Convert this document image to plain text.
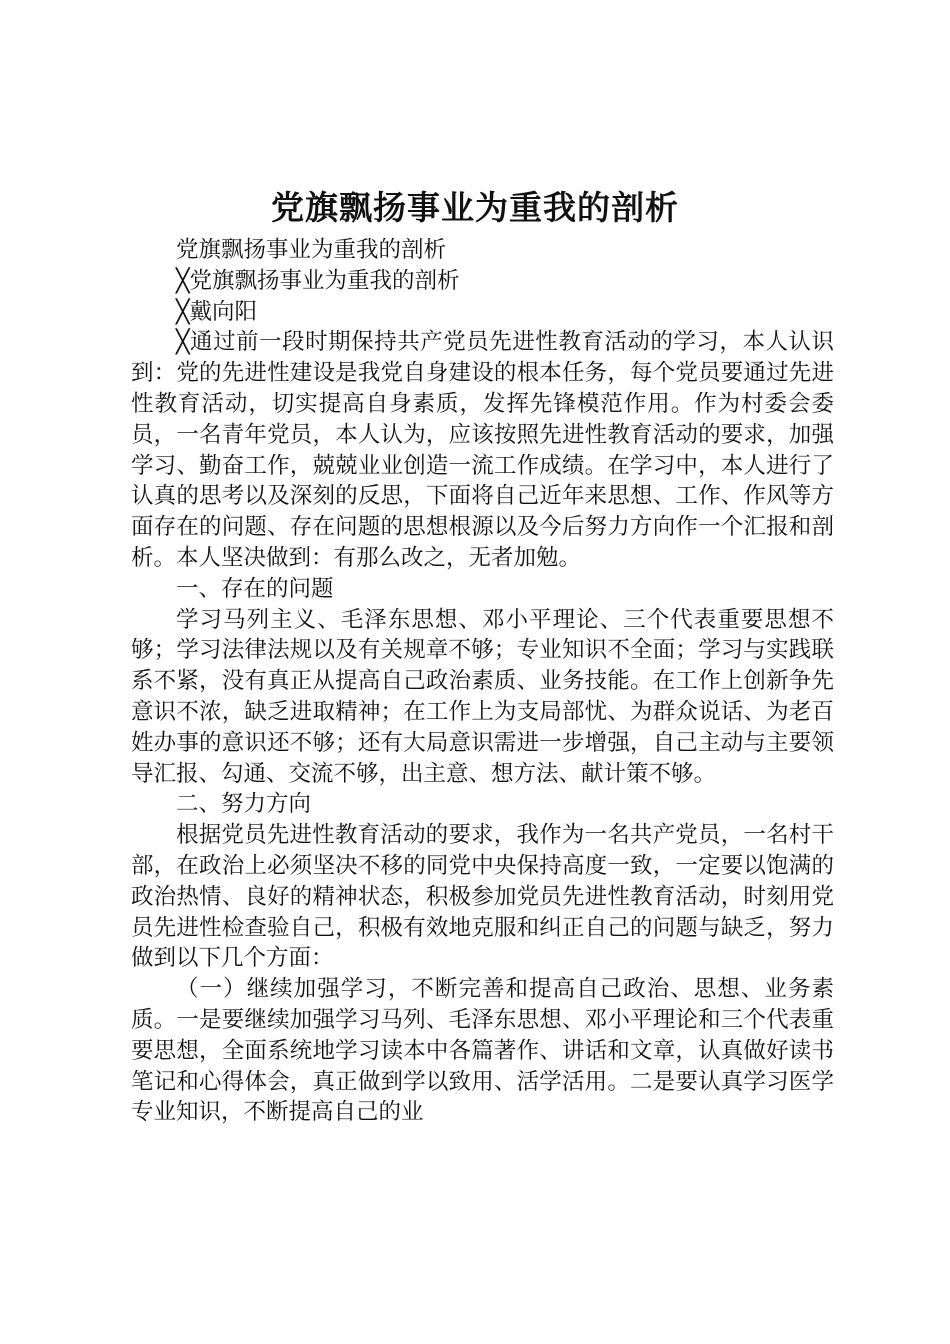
党旗飘扬事业为重我的剖析

党旗飘扬事业为重我的剖析

╳党旗飘扬事业为重我的剖析

╳戴向阳

╳通过前一段时期保持共产党员先进性教育活动的学习，本人认识到：党的先进性建设是我党自身建设的根本任务，每个党员要通过先进性教育活动，切实提高自身素质，发挥先锋模范作用。作为村委会委员，一名青年党员，本人认为，应该按照先进性教育活动的要求，加强学习、勤奋工作，兢兢业业创造一流工作成绩。在学习中，本人进行了认真的思考以及深刻的反思，下面将自己近年来思想、工作、作风等方面存在的问题、存在问题的思想根源以及今后努力方向作一个汇报和剖析。本人坚决做到：有那么改之，无者加勉。

一、存在的问题

学习马列主义、毛泽东思想、邓小平理论、三个代表重要思想不够；学习法律法规以及有关规章不够；专业知识不全面；学习与实践联系不紧，没有真正从提高自己政治素质、业务技能。在工作上创新争先意识不浓，缺乏进取精神；在工作上为支局部忧、为群众说话、为老百姓办事的意识还不够；还有大局意识需进一步增强，自己主动与主要领导汇报、勾通、交流不够，出主意、想方法、献计策不够。

二、努力方向

根据党员先进性教育活动的要求，我作为一名共产党员，一名村干部，在政治上必须坚决不移的同党中央保持高度一致，一定要以饱满的政治热情、良好的精神状态，积极参加党员先进性教育活动，时刻用党员先进性检查验自己，积极有效地克服和纠正自己的问题与缺乏，努力做到以下几个方面：

（一）继续加强学习，不断完善和提高自己政治、思想、业务素质。一是要继续加强学习马列、毛泽东思想、邓小平理论和三个代表重要思想，全面系统地学习读本中各篇著作、讲话和文章，认真做好读书笔记和心得体会，真正做到学以致用、活学活用。二是要认真学习医学专业知识，不断提高自己的业
